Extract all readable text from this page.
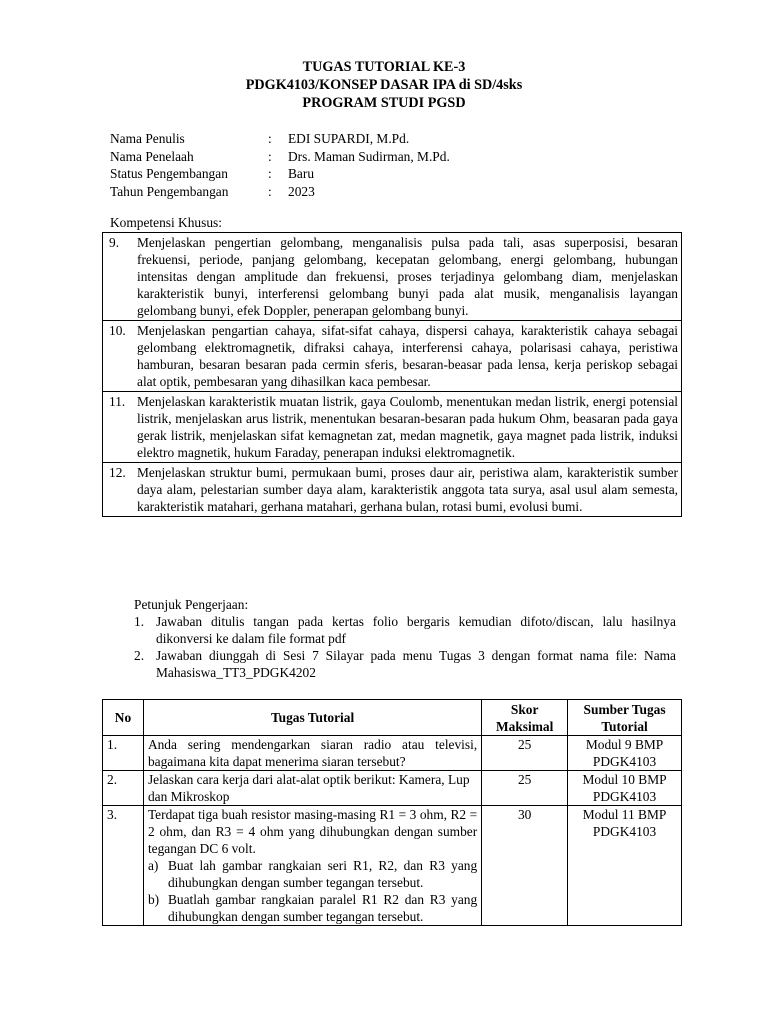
TUGAS TUTORIAL KE-3
PDGK4103/KONSEP DASAR IPA di SD/4sks
PROGRAM STUDI PGSD
Nama Penulis	:	EDI SUPARDI, M.Pd.
Nama Penelaah	:	Drs. Maman Sudirman, M.Pd.
Status Pengembangan	:	Baru
Tahun Pengembangan	:	2023
Kompetensi Khusus:
9.	Menjelaskan pengertian gelombang, menganalisis pulsa pada tali, asas superposisi, besaran frekuensi, periode, panjang gelombang, kecepatan gelombang, energi gelombang, hubungan intensitas dengan amplitude dan frekuensi, proses terjadinya gelombang diam, menjelaskan karakteristik bunyi, interferensi gelombang bunyi pada alat musik, menganalisis layangan gelombang bunyi, efek Doppler, penerapan gelombang bunyi.
10.	Menjelaskan pengartian cahaya, sifat-sifat cahaya, dispersi cahaya, karakteristik cahaya sebagai gelombang elektromagnetik, difraksi cahaya, interferensi cahaya, polarisasi cahaya, peristiwa hamburan, besaran besaran pada cermin sferis, besaran-beasar pada lensa, kerja periskop sebagai alat optik, pembesaran yang dihasilkan kaca pembesar.
11.	Menjelaskan karakteristik muatan listrik, gaya Coulomb, menentukan medan listrik, energi potensial listrik, menjelaskan arus listrik, menentukan besaran-besaran pada hukum Ohm, beasaran pada gaya gerak listrik, menjelaskan sifat kemagnetan zat, medan magnetik, gaya magnet pada listrik, induksi elektro magnetik, hukum Faraday, penerapan induksi elektromagnetik.
12.	Menjelaskan struktur bumi, permukaan bumi, proses daur air, peristiwa alam, karakteristik sumber daya alam, pelestarian sumber daya alam, karakteristik anggota tata surya, asal usul alam semesta, karakteristik matahari, gerhana matahari, gerhana bulan, rotasi bumi, evolusi bumi.
Petunjuk Pengerjaan:
1. Jawaban ditulis tangan pada kertas folio bergaris kemudian difoto/discan, lalu hasilnya dikonversi ke dalam file format pdf
2. Jawaban diunggah di Sesi 7 Silayar pada menu Tugas 3 dengan format nama file: Nama Mahasiswa_TT3_PDGK4202
No	Tugas Tutorial	Skor Maksimal	Sumber Tugas Tutorial
1.	Anda sering mendengarkan siaran radio atau televisi, bagaimana kita dapat menerima siaran tersebut?	25	Modul 9 BMP PDGK4103
2.	Jelaskan cara kerja dari alat-alat optik berikut: Kamera, Lup dan Mikroskop	25	Modul 10 BMP PDGK4103
3.	Terdapat tiga buah resistor masing-masing R1 = 3 ohm, R2 = 2 ohm, dan R3 = 4 ohm yang dihubungkan dengan sumber tegangan DC 6 volt.
a) Buat lah gambar rangkaian seri R1, R2, dan R3 yang dihubungkan dengan sumber tegangan tersebut.
b) Buatlah gambar rangkaian paralel R1 R2 dan R3 yang dihubungkan dengan sumber tegangan tersebut.	30	Modul 11 BMP PDGK4103
